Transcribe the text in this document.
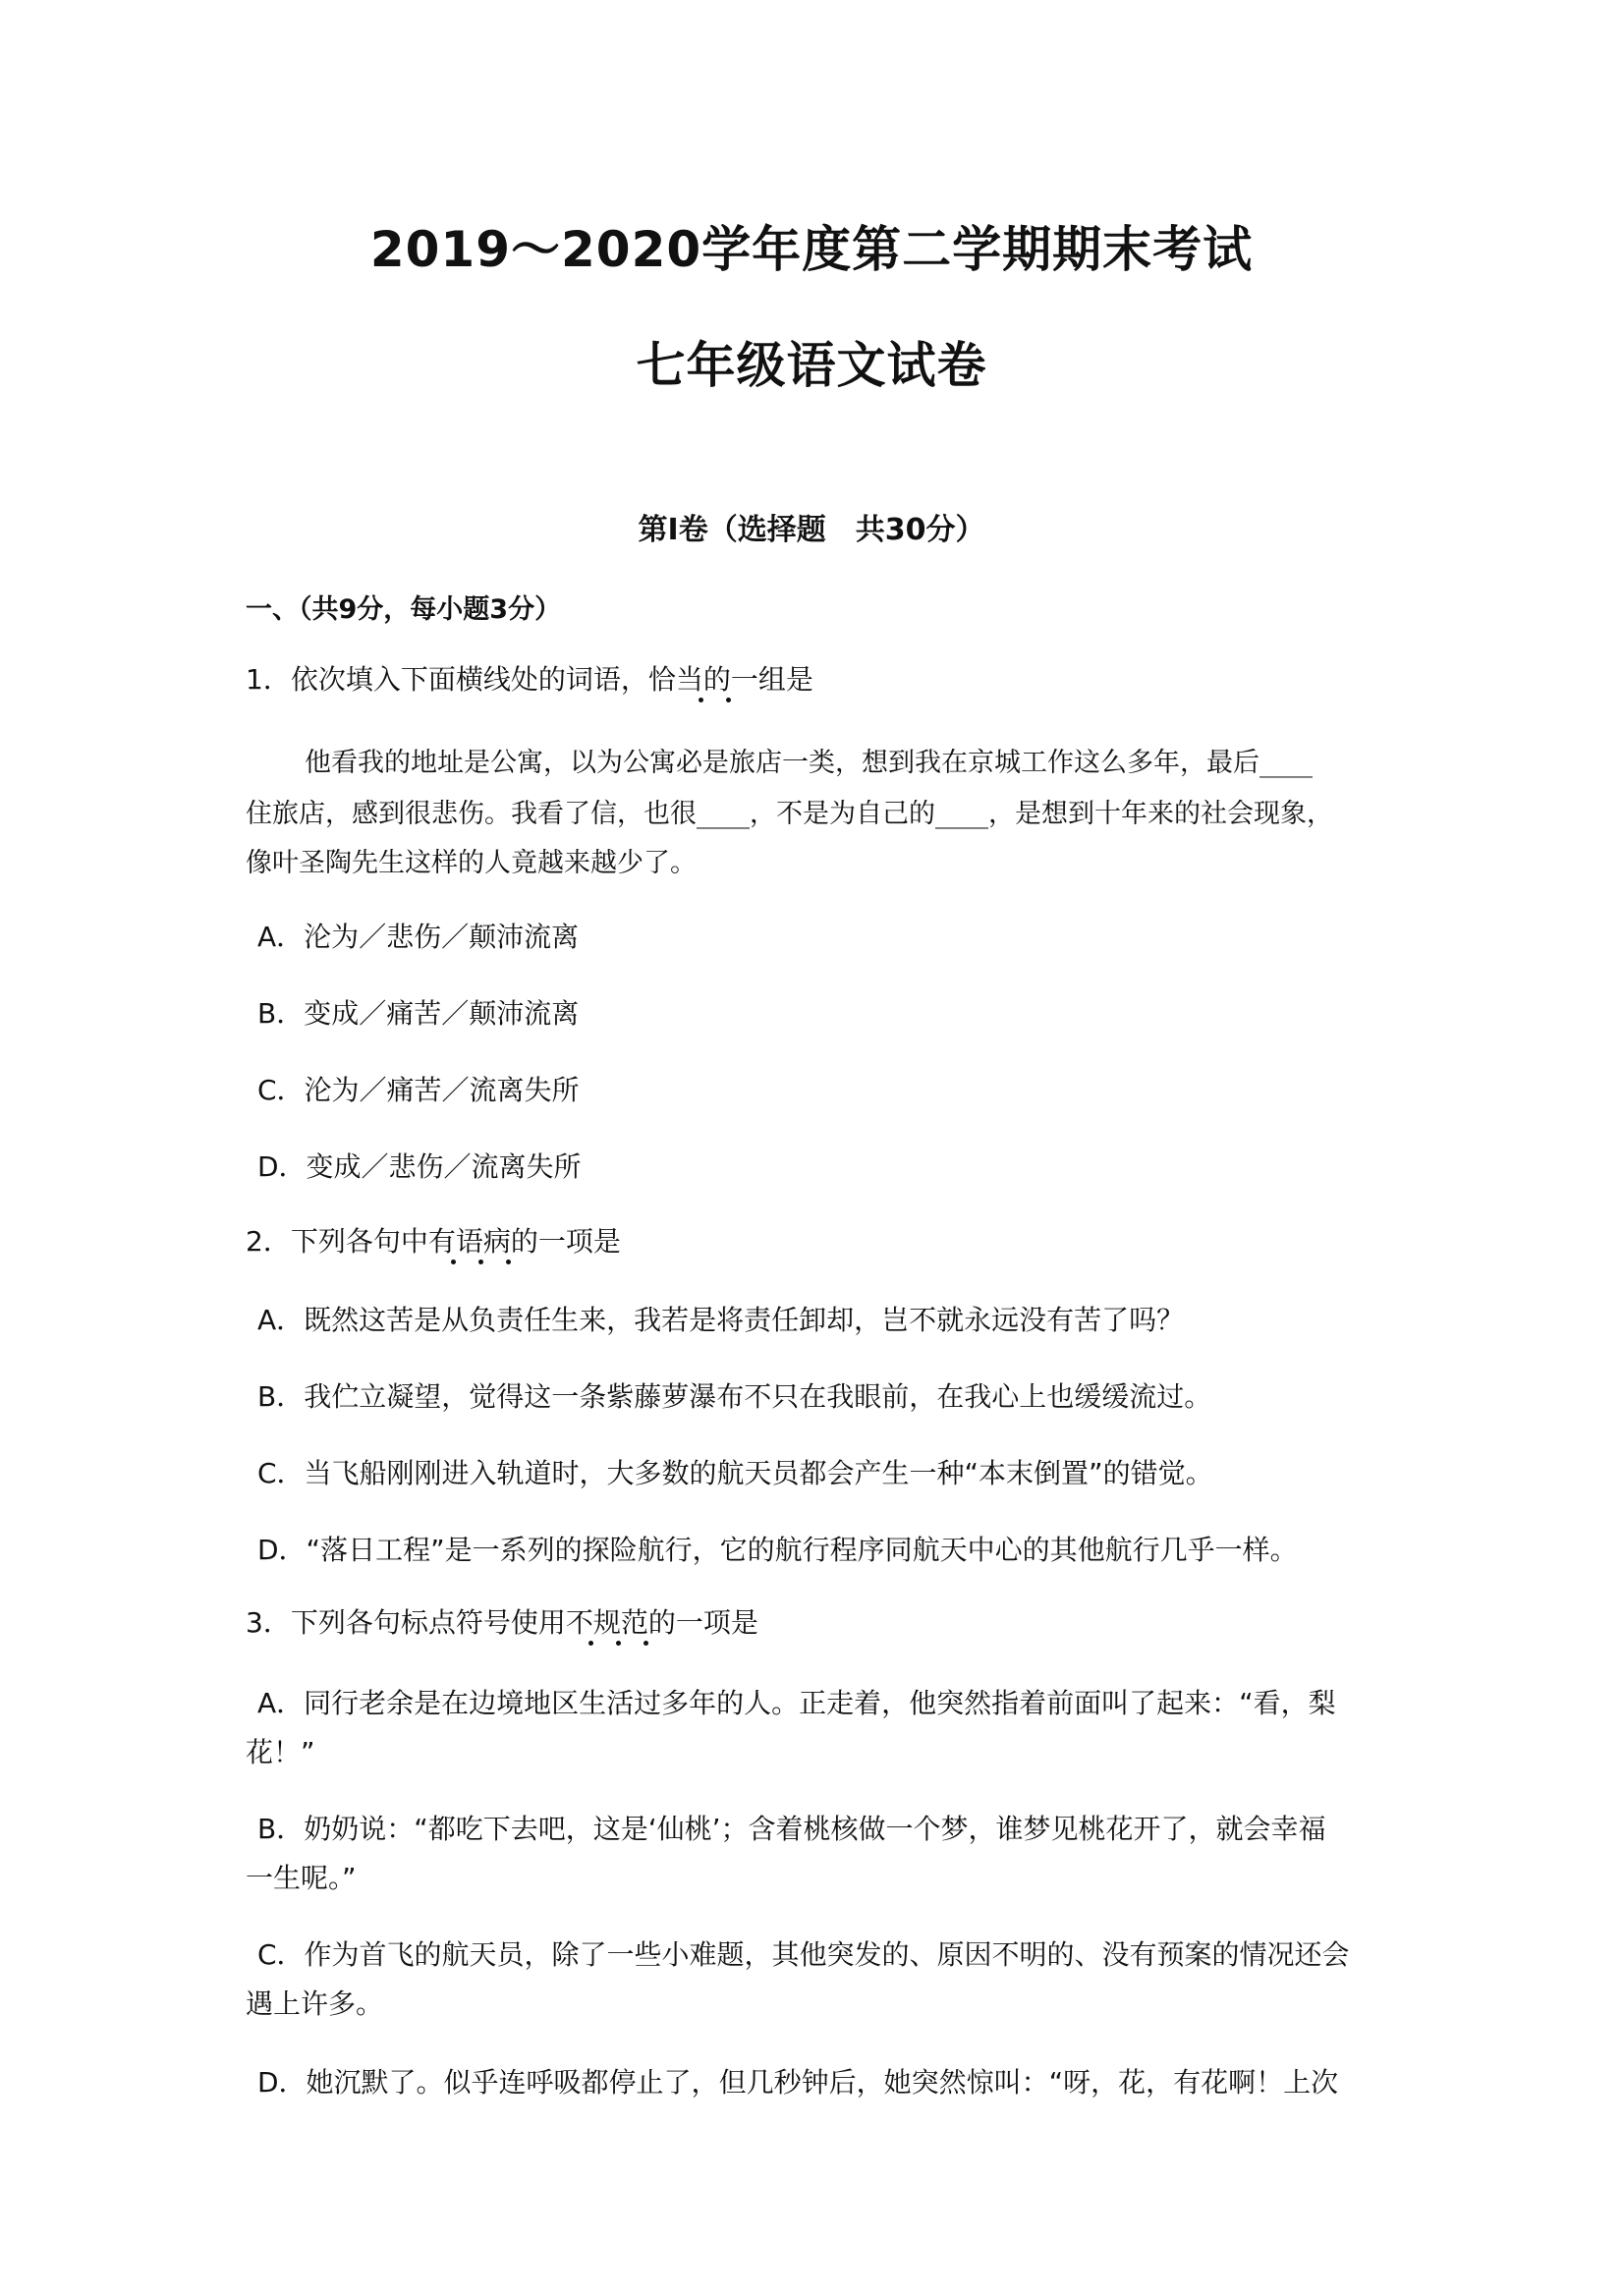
2019～2020学年度第二学期期末考试
七年级语文试卷
第Ⅰ卷（选择题　共30分）
一、（共9分，每小题3分）
1．依次填入下面横线处的词语，恰当的一组是
他看我的地址是公寓，以为公寓必是旅店一类，想到我在京城工作这么多年，最后____
住旅店，感到很悲伤。我看了信，也很____，不是为自己的____，是想到十年来的社会现象，
像叶圣陶先生这样的人竟越来越少了。
A．沦为／悲伤／颠沛流离
B．变成／痛苦／颠沛流离
C．沦为／痛苦／流离失所
D．变成／悲伤／流离失所
2．下列各句中有语病的一项是
A．既然这苦是从负责任生来，我若是将责任卸却，岂不就永远没有苦了吗？
B．我伫立凝望，觉得这一条紫藤萝瀑布不只在我眼前，在我心上也缓缓流过。
C．当飞船刚刚进入轨道时，大多数的航天员都会产生一种“本末倒置”的错觉。
D．“落日工程”是一系列的探险航行，它的航行程序同航天中心的其他航行几乎一样。
3．下列各句标点符号使用不规范的一项是
A．同行老余是在边境地区生活过多年的人。正走着，他突然指着前面叫了起来：“看，梨
花！”
B．奶奶说：“都吃下去吧，这是‘仙桃’；含着桃核做一个梦，谁梦见桃花开了，就会幸福
一生呢。”
C．作为首飞的航天员，除了一些小难题，其他突发的、原因不明的、没有预案的情况还会
遇上许多。
D．她沉默了。似乎连呼吸都停止了，但几秒钟后，她突然惊叫：“呀，花，有花啊！上次
